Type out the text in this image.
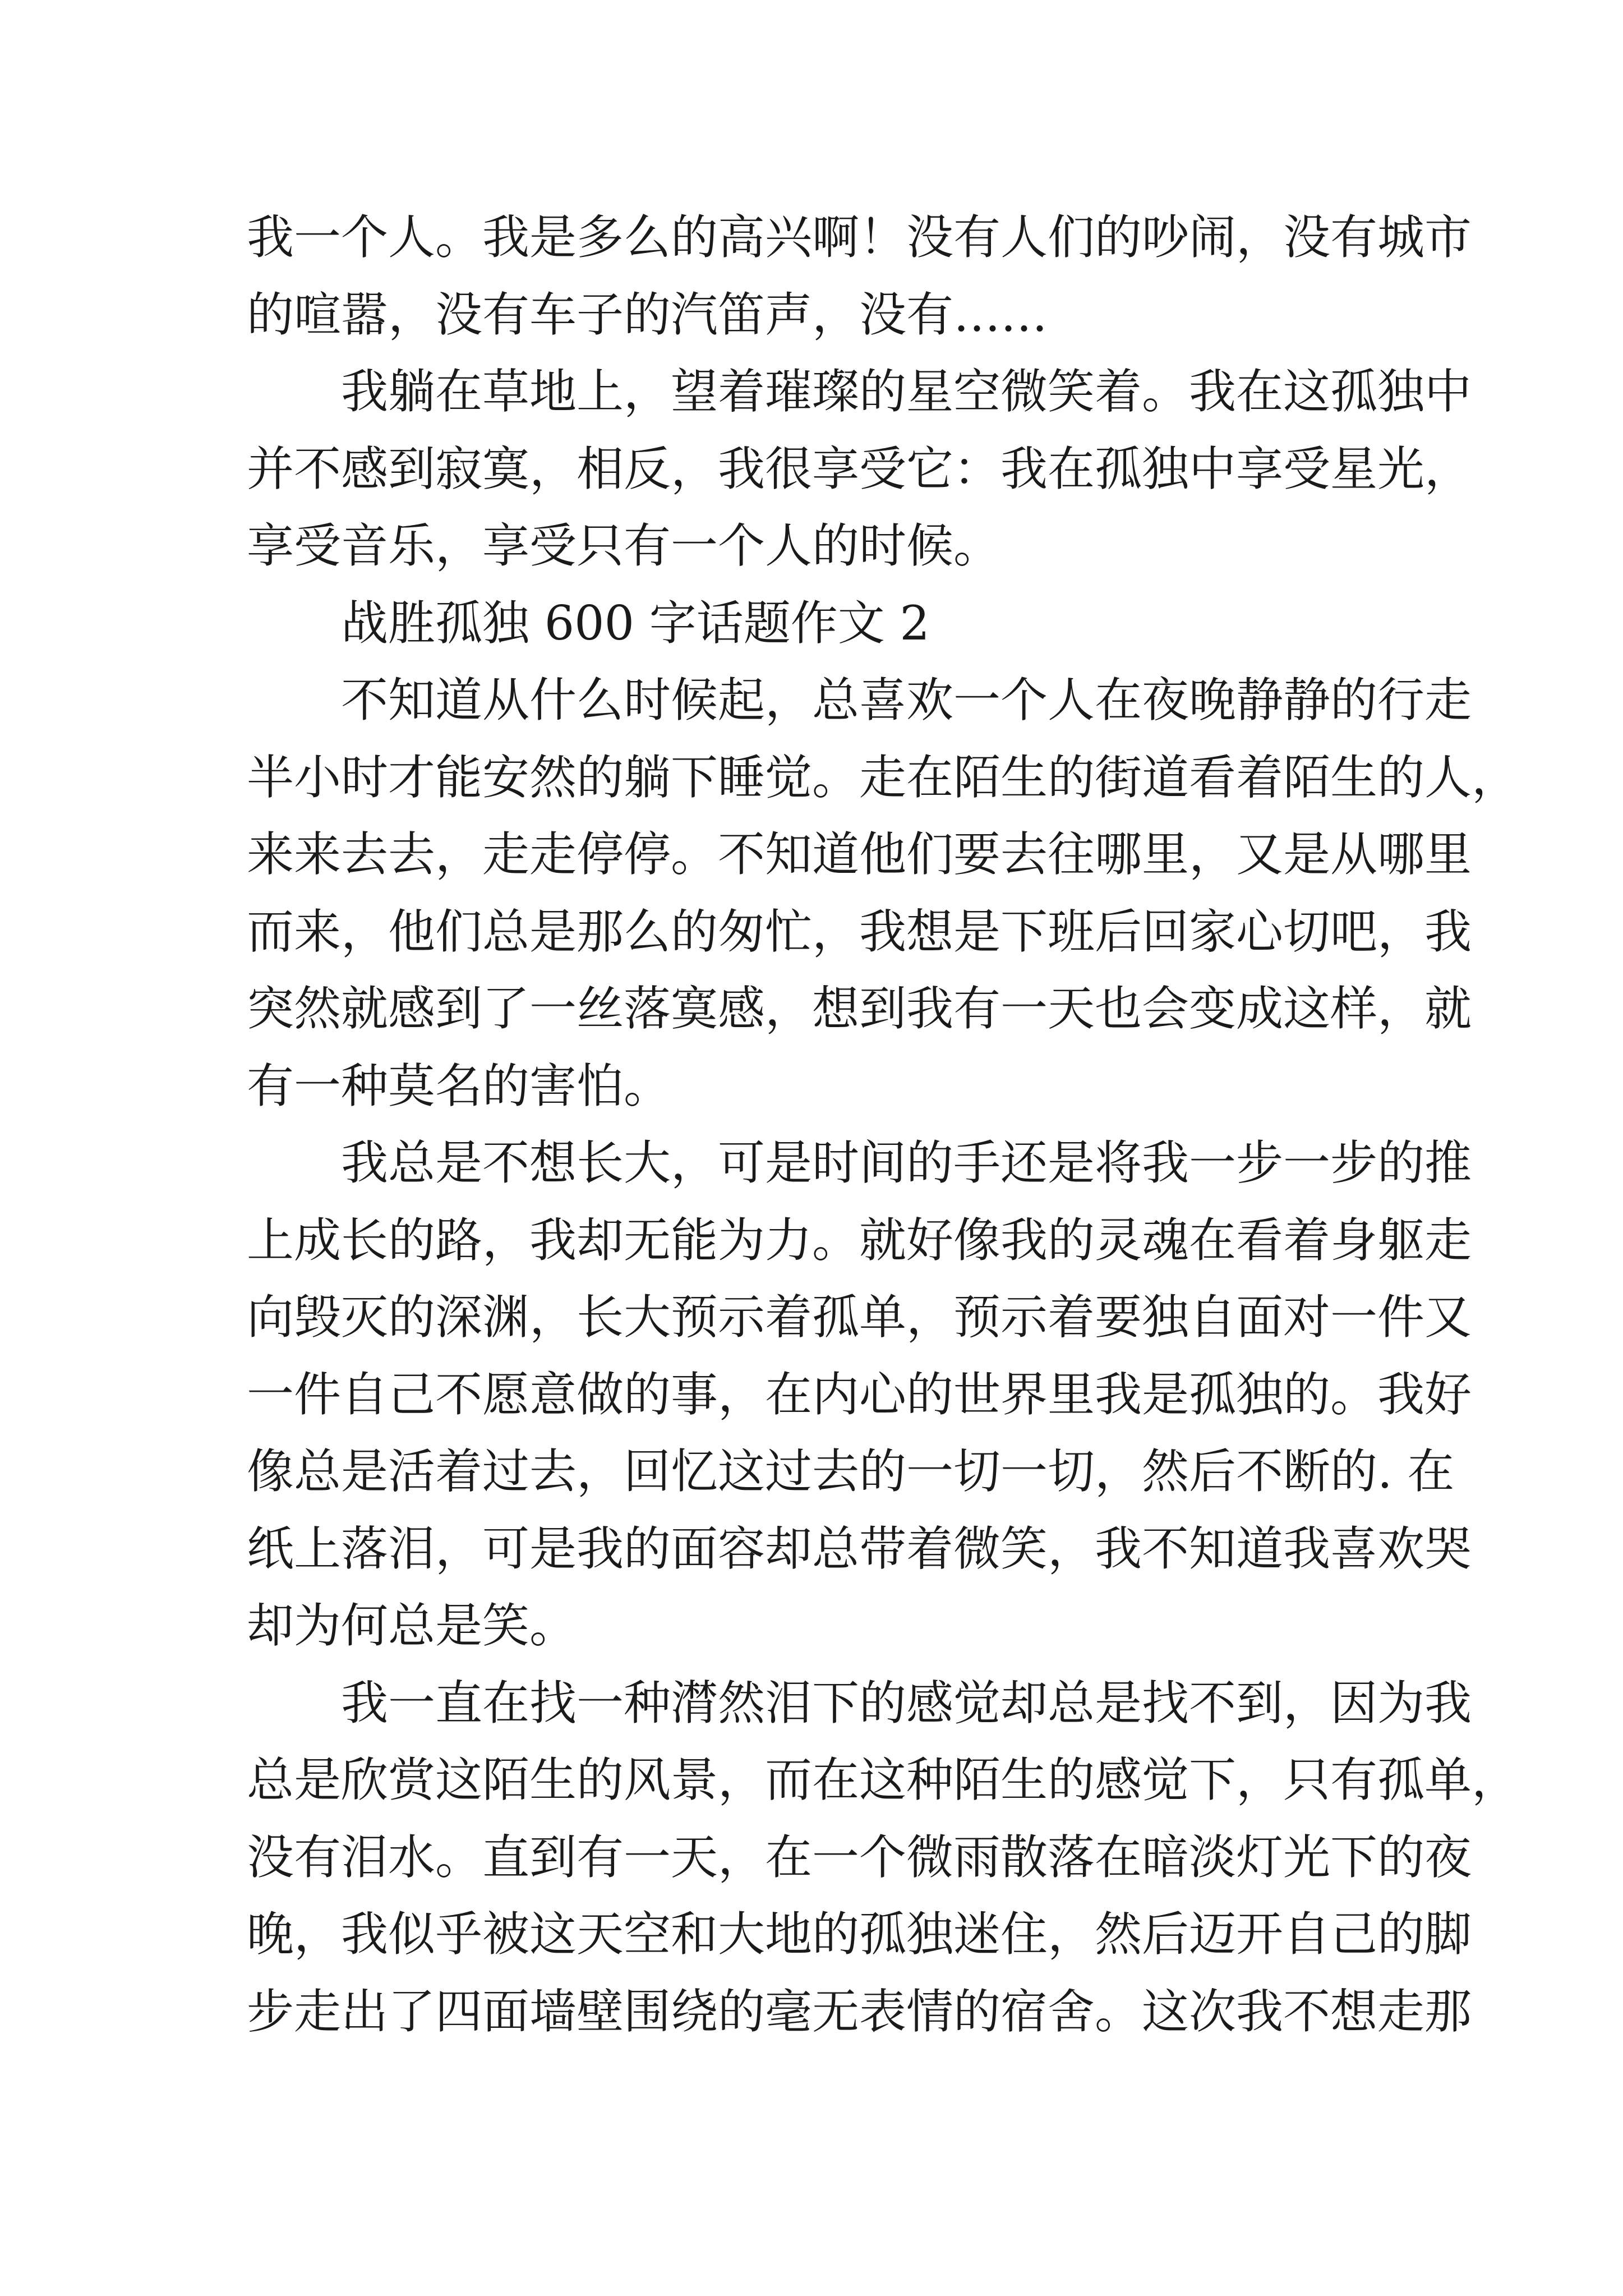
我一个人。我是多么的高兴啊！没有人们的吵闹，没有城市
的喧嚣，没有车子的汽笛声，没有……
我躺在草地上，望着璀璨的星空微笑着。我在这孤独中
并不感到寂寞，相反，我很享受它：我在孤独中享受星光，
享受音乐，享受只有一个人的时候。
战胜孤独 600 字话题作文 2
不知道从什么时候起，总喜欢一个人在夜晚静静的行走
半小时才能安然的躺下睡觉。走在陌生的街道看着陌生的人，
来来去去，走走停停。不知道他们要去往哪里，又是从哪里
而来，他们总是那么的匆忙，我想是下班后回家心切吧，我
突然就感到了一丝落寞感，想到我有一天也会变成这样，就
有一种莫名的害怕。
我总是不想长大，可是时间的手还是将我一步一步的推
上成长的路，我却无能为力。就好像我的灵魂在看着身躯走
向毁灭的深渊，长大预示着孤单，预示着要独自面对一件又
一件自己不愿意做的事，在内心的世界里我是孤独的。我好
像总是活着过去，回忆这过去的一切一切，然后不断的. 在
纸上落泪，可是我的面容却总带着微笑，我不知道我喜欢哭
却为何总是笑。
我一直在找一种潸然泪下的感觉却总是找不到，因为我
总是欣赏这陌生的风景，而在这种陌生的感觉下，只有孤单，
没有泪水。直到有一天，在一个微雨散落在暗淡灯光下的夜
晚，我似乎被这天空和大地的孤独迷住，然后迈开自己的脚
步走出了四面墙壁围绕的毫无表情的宿舍。这次我不想走那
